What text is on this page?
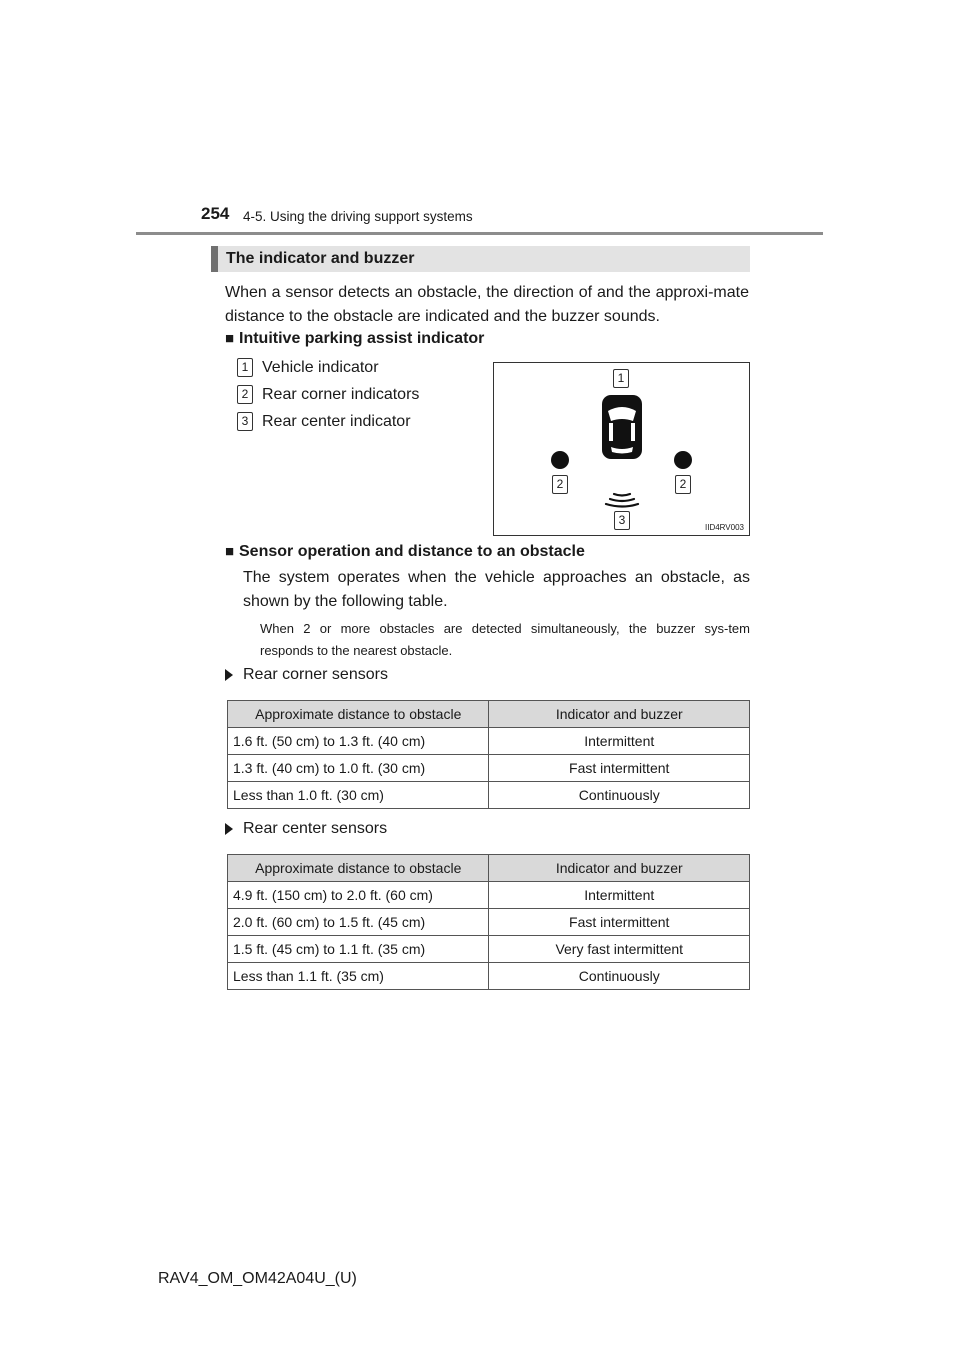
254 4-5. Using the driving support systems
The indicator and buzzer
When a sensor detects an obstacle, the direction of and the approxi-mate distance to the obstacle are indicated and the buzzer sounds.
■ Intuitive parking assist indicator
1 Vehicle indicator
2 Rear corner indicators
3 Rear center indicator
1
2	2
3
IID4RV003
■ Sensor operation and distance to an obstacle
The system operates when the vehicle approaches an obstacle, as shown by the following table.
When 2 or more obstacles are detected simultaneously, the buzzer sys-tem responds to the nearest obstacle.
Rear corner sensors
Approximate distance to obstacle	Indicator and buzzer
1.6 ft. (50 cm) to 1.3 ft. (40 cm)	Intermittent
1.3 ft. (40 cm) to 1.0 ft. (30 cm)	Fast intermittent
Less than 1.0 ft. (30 cm)	Continuously
Rear center sensors
Approximate distance to obstacle	Indicator and buzzer
4.9 ft. (150 cm) to 2.0 ft. (60 cm)	Intermittent
2.0 ft. (60 cm) to 1.5 ft. (45 cm)	Fast intermittent
1.5 ft. (45 cm) to 1.1 ft. (35 cm)	Very fast intermittent
Less than 1.1 ft. (35 cm)	Continuously
RAV4_OM_OM42A04U_(U)
